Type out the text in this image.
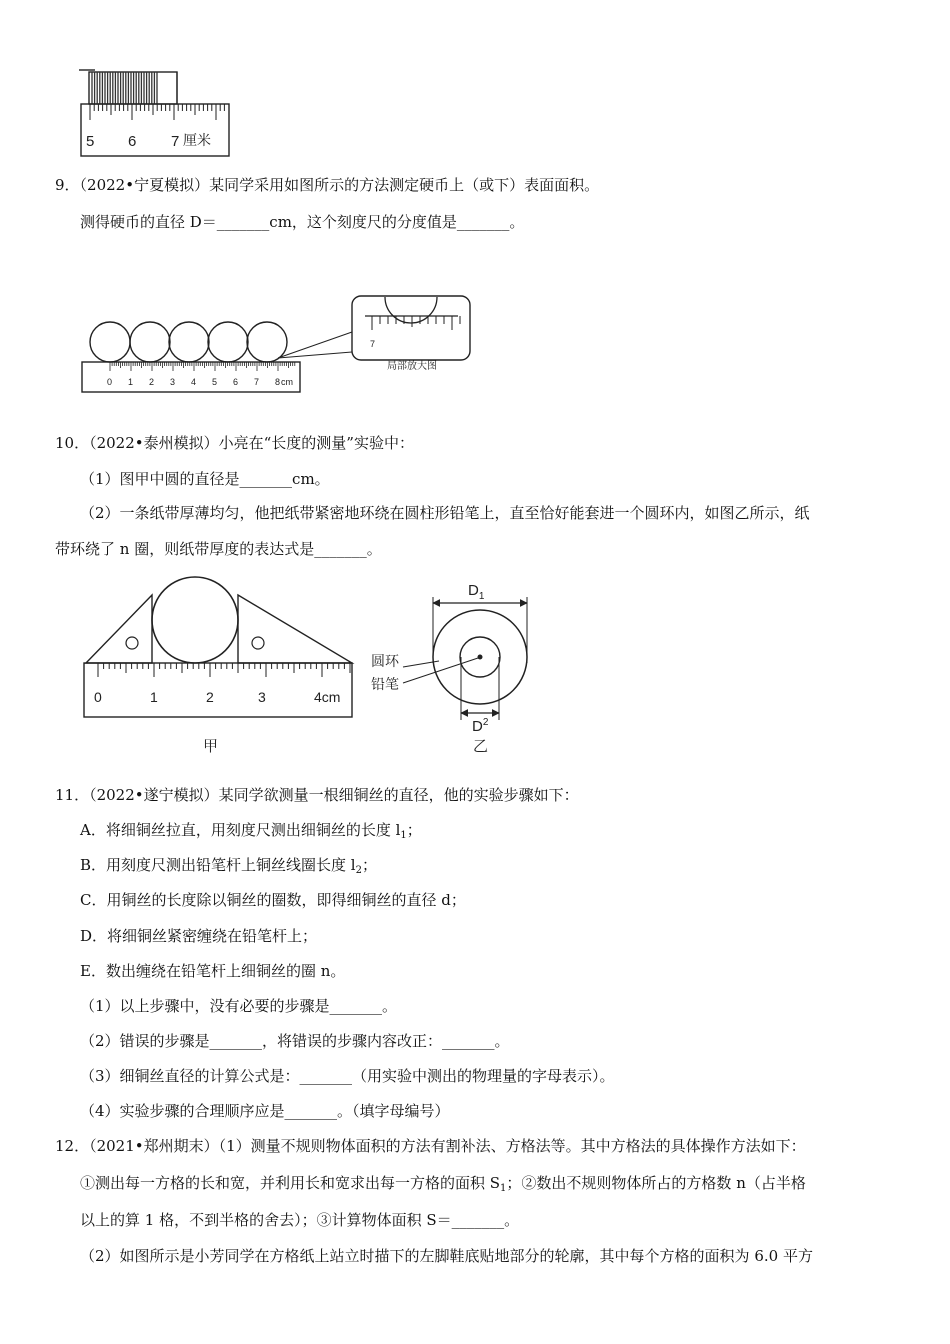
5 6 7 厘米
9．（2022•宁夏模拟）某同学采用如图所示的方法测定硬币上（或下）表面面积。
测得硬币的直径 D＝_______cm，这个刻度尺的分度值是_______。
0 1 2 3 4 5 6 7 8 cm
7
局部放大图
10．（2022•泰州模拟）小亮在“长度的测量”实验中：
（1）图甲中圆的直径是_______cm。
（2）一条纸带厚薄均匀，他把纸带紧密地环绕在圆柱形铅笔上，直至恰好能套进一个圆环内，如图乙所示，纸
带环绕了 n 圈，则纸带厚度的表达式是_______。
0	1	2	3	4cm
甲
$D_1$
$D^2$
圆环
铅笔
乙
11．（2022•遂宁模拟）某同学欲测量一根细铜丝的直径，他的实验步骤如下：
A．将细铜丝拉直，用刻度尺测出细铜丝的长度 $l_1$；
B．用刻度尺测出铅笔杆上铜丝线圈长度 $l_2$；
C．用铜丝的长度除以铜丝的圈数，即得细铜丝的直径 d；
D．将细铜丝紧密缠绕在铅笔杆上；
E．数出缠绕在铅笔杆上细铜丝的圈 n。
（1）以上步骤中，没有必要的步骤是_______。
（2）错误的步骤是_______，将错误的步骤内容改正：_______。
（3）细铜丝直径的计算公式是：_______（用实验中测出的物理量的字母表示）。
（4）实验步骤的合理顺序应是_______。（填字母编号）
12．（2021•郑州期末）（1）测量不规则物体面积的方法有割补法、方格法等。其中方格法的具体操作方法如下：
①测出每一方格的长和宽，并利用长和宽求出每一方格的面积 $S_1$；②数出不规则物体所占的方格数 n（占半格
以上的算 1 格，不到半格的舍去）；③计算物体面积 S＝_______。
（2）如图所示是小芳同学在方格纸上站立时描下的左脚鞋底贴地部分的轮廓，其中每个方格的面积为 6.0 平方
